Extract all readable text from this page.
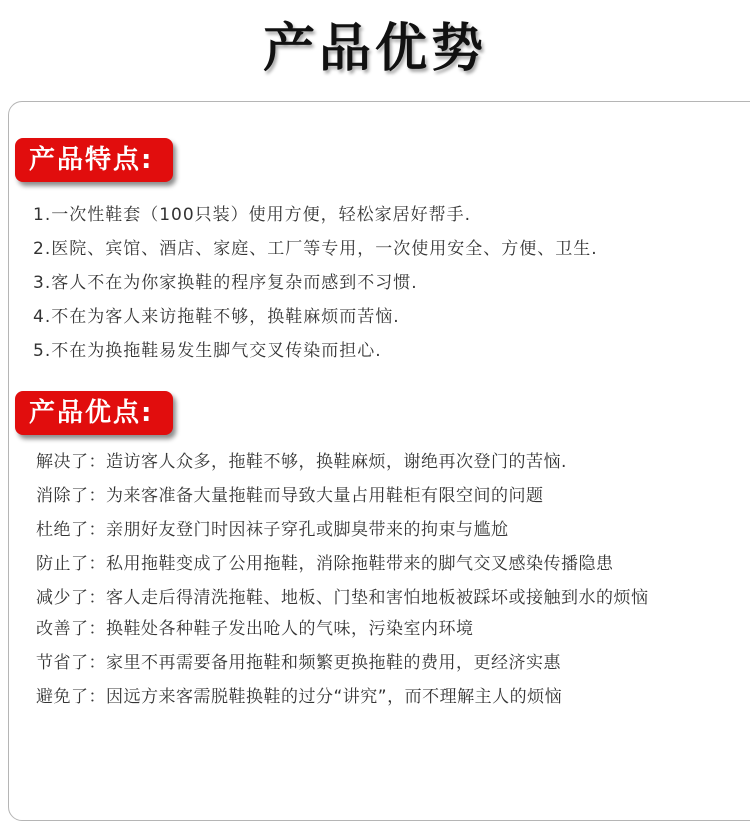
产品优势
产品特点:
1.一次性鞋套（100只装）使用方便，轻松家居好帮手.
2.医院、宾馆、酒店、家庭、工厂等专用，一次使用安全、方便、卫生.
3.客人不在为你家换鞋的程序复杂而感到不习惯.
4.不在为客人来访拖鞋不够，换鞋麻烦而苦恼.
5.不在为换拖鞋易发生脚气交叉传染而担心.
产品优点:
解决了：造访客人众多，拖鞋不够，换鞋麻烦，谢绝再次登门的苦恼.
消除了：为来客准备大量拖鞋而导致大量占用鞋柜有限空间的问题
杜绝了：亲朋好友登门时因袜子穿孔或脚臭带来的拘束与尴尬
防止了：私用拖鞋变成了公用拖鞋，消除拖鞋带来的脚气交叉感染传播隐患
减少了：客人走后得清洗拖鞋、地板、门垫和害怕地板被踩坏或接触到水的烦恼
改善了：换鞋处各种鞋子发出呛人的气味，污染室内环境
节省了：家里不再需要备用拖鞋和频繁更换拖鞋的费用，更经济实惠
避免了：因远方来客需脱鞋换鞋的过分“讲究”，而不理解主人的烦恼
